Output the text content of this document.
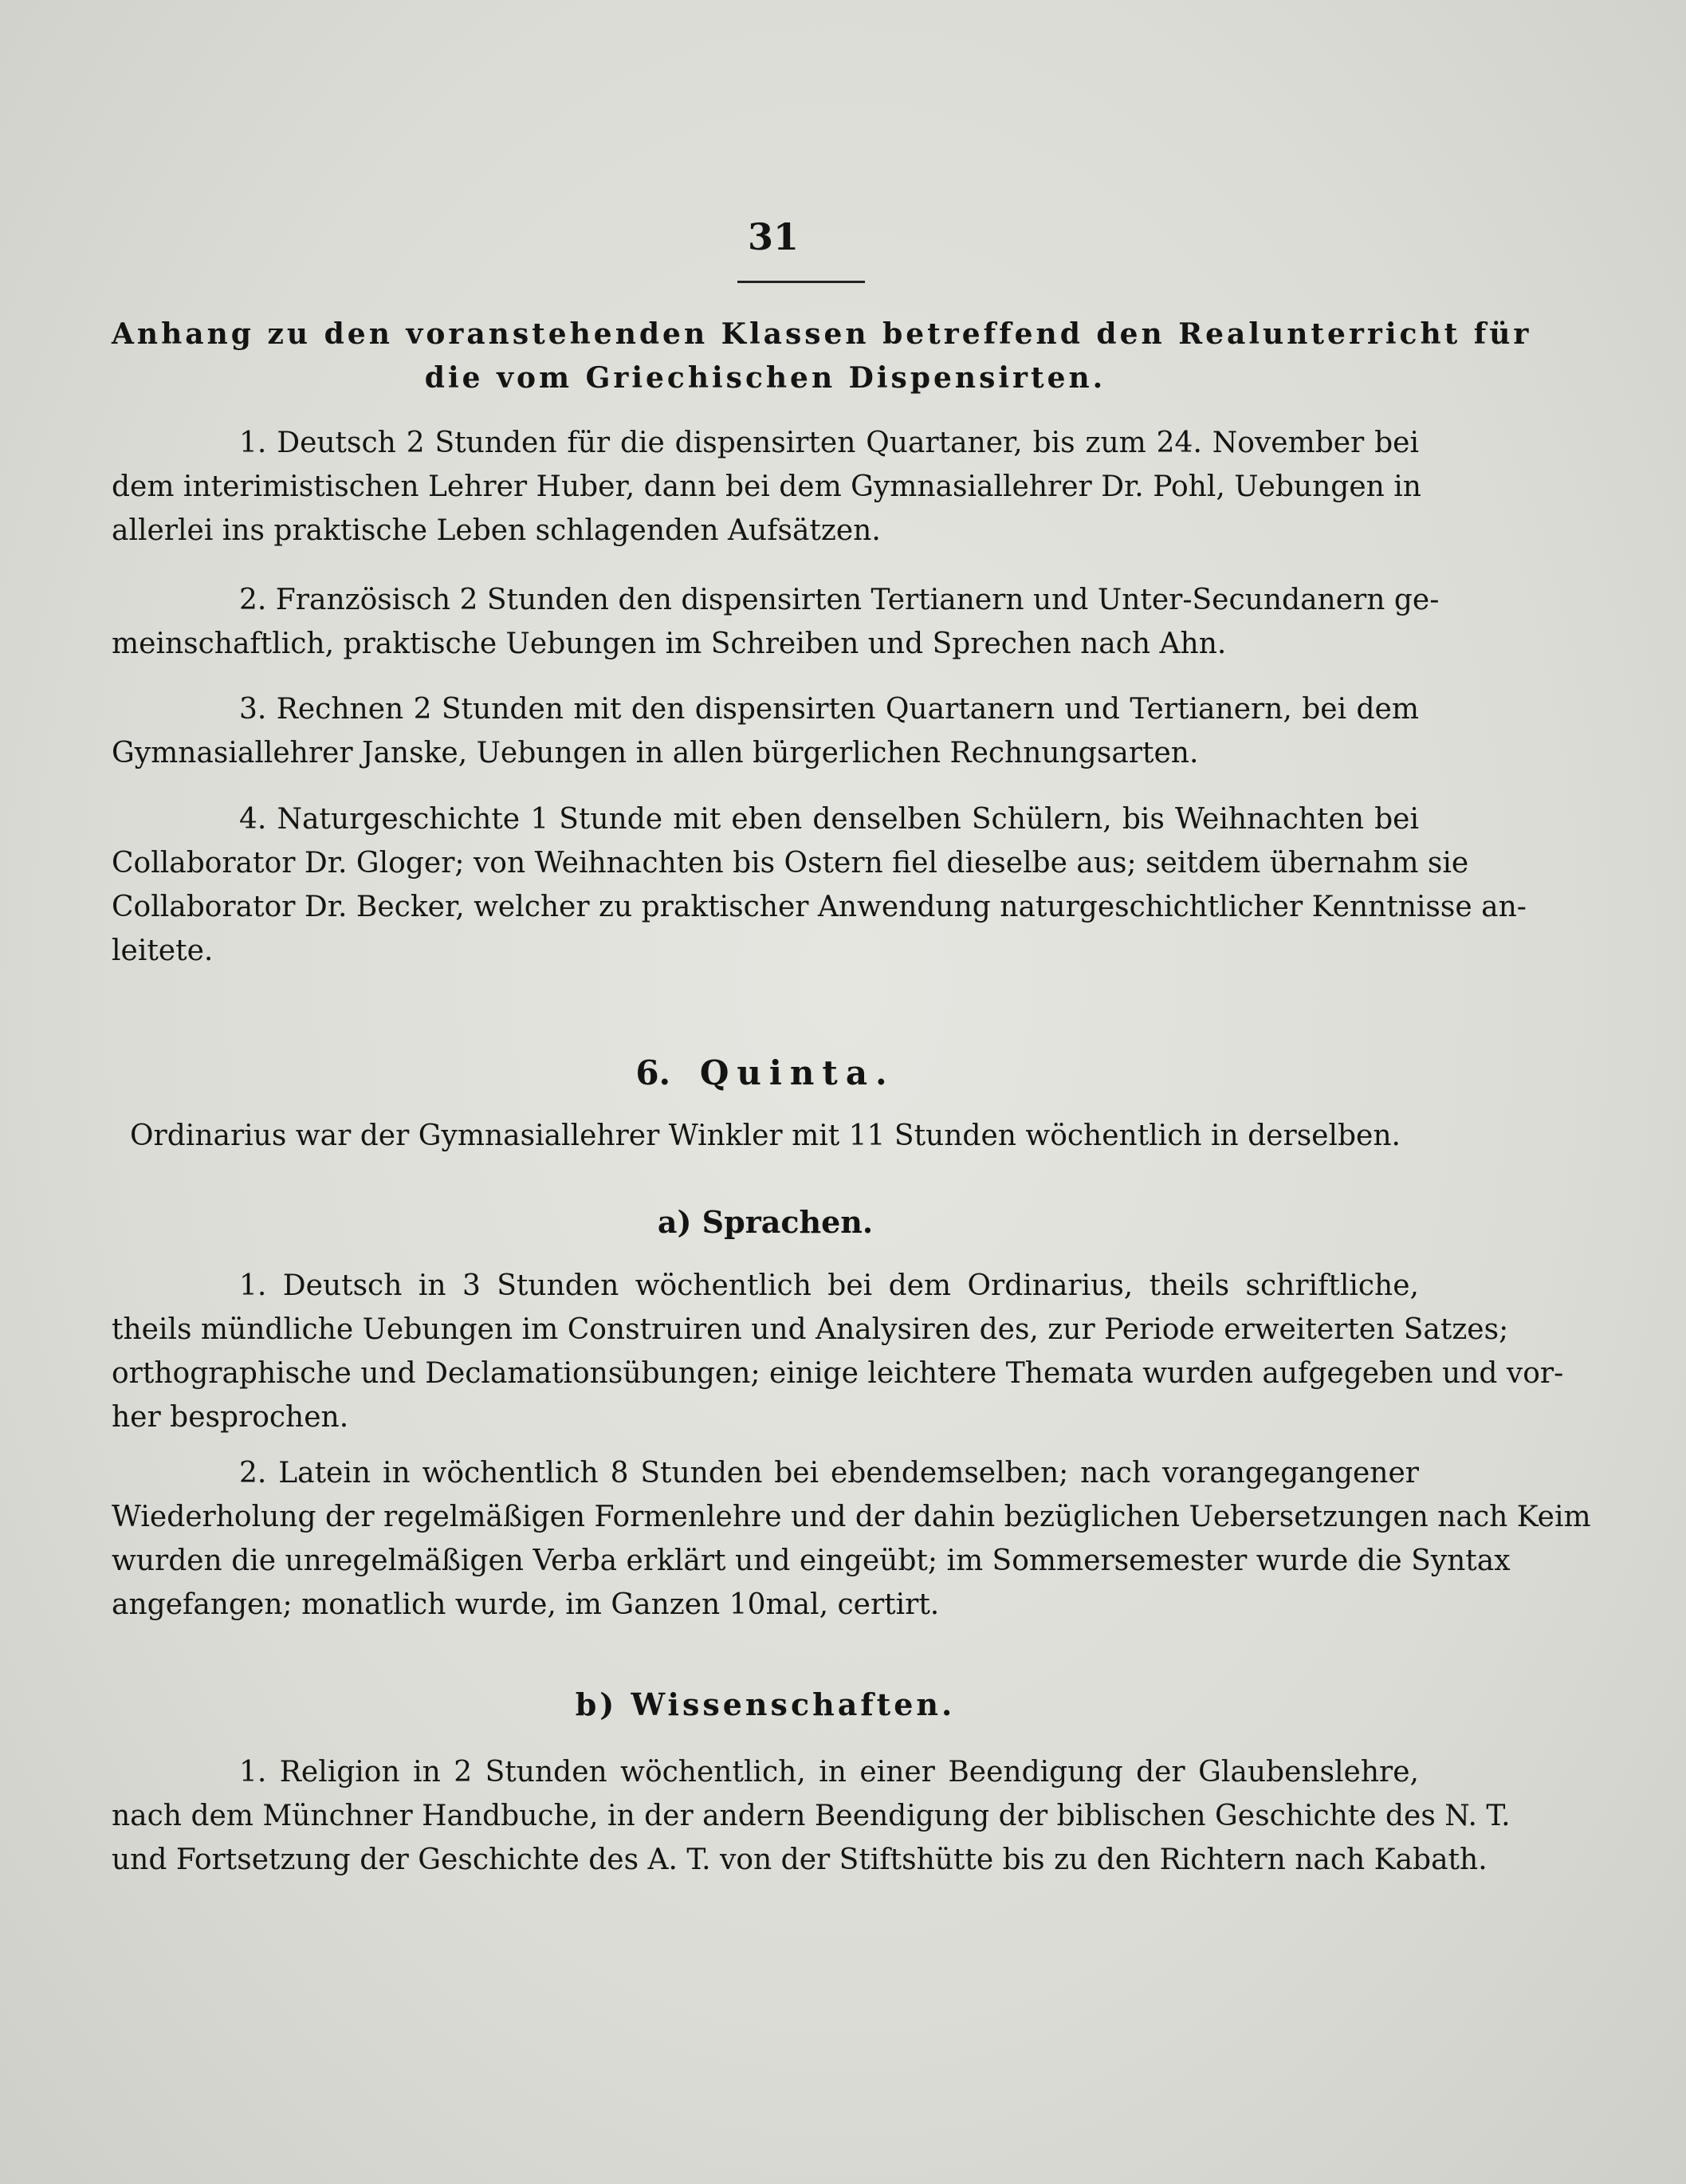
31
Anhang zu den voranstehenden Klassen betreffend den Realunterricht für
die vom Griechischen Dispensirten.
1. Deutsch 2 Stunden für die dispensirten Quartaner, bis zum 24. November bei
dem interimistischen Lehrer Huber, dann bei dem Gymnasiallehrer Dr. Pohl, Uebungen in
allerlei ins praktische Leben schlagenden Aufsätzen.
2. Französisch 2 Stunden den dispensirten Tertianern und Unter-Secundanern ge-
meinschaftlich, praktische Uebungen im Schreiben und Sprechen nach Ahn.
3. Rechnen 2 Stunden mit den dispensirten Quartanern und Tertianern, bei dem
Gymnasiallehrer Janske, Uebungen in allen bürgerlichen Rechnungsarten.
4. Naturgeschichte 1 Stunde mit eben denselben Schülern, bis Weihnachten bei
Collaborator Dr. Gloger; von Weihnachten bis Ostern fiel dieselbe aus; seitdem übernahm sie
Collaborator Dr. Becker, welcher zu praktischer Anwendung naturgeschichtlicher Kenntnisse an-
leitete.
6. Quinta.
Ordinarius war der Gymnasiallehrer Winkler mit 11 Stunden wöchentlich in derselben.
a) Sprachen.
1. Deutsch in 3 Stunden wöchentlich bei dem Ordinarius, theils schriftliche,
theils mündliche Uebungen im Construiren und Analysiren des, zur Periode erweiterten Satzes;
orthographische und Declamationsübungen; einige leichtere Themata wurden aufgegeben und vor-
her besprochen.
2. Latein in wöchentlich 8 Stunden bei ebendemselben; nach vorangegangener
Wiederholung der regelmäßigen Formenlehre und der dahin bezüglichen Uebersetzungen nach Keim
wurden die unregelmäßigen Verba erklärt und eingeübt; im Sommersemester wurde die Syntax
angefangen; monatlich wurde, im Ganzen 10mal, certirt.
b) Wissenschaften.
1. Religion in 2 Stunden wöchentlich, in einer Beendigung der Glaubenslehre,
nach dem Münchner Handbuche, in der andern Beendigung der biblischen Geschichte des N. T.
und Fortsetzung der Geschichte des A. T. von der Stiftshütte bis zu den Richtern nach Kabath.
